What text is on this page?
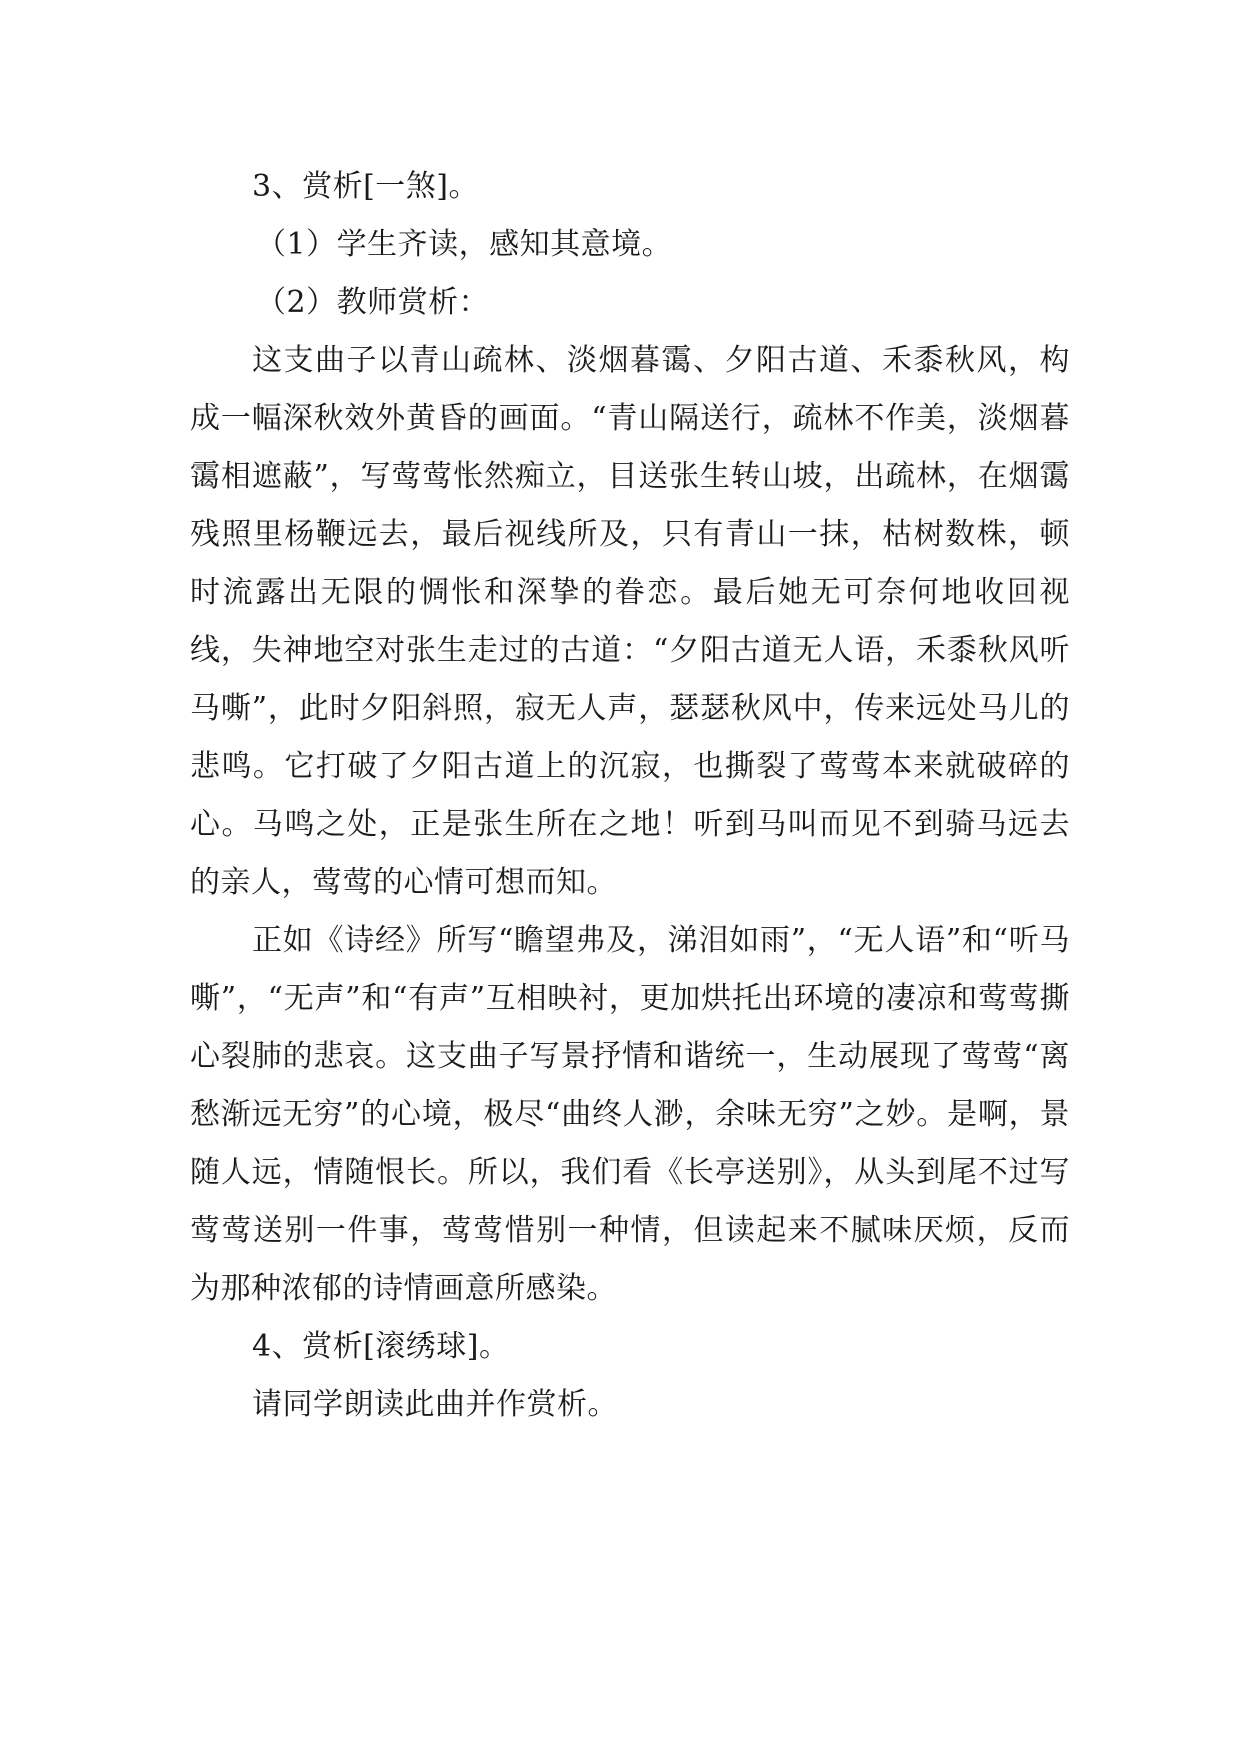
3、赏析[一煞]。

（1）学生齐读，感知其意境。

（2）教师赏析：

这支曲子以青山疏林、淡烟暮霭、夕阳古道、禾黍秋风，构成一幅深秋效外黄昏的画面。“青山隔送行，疏林不作美，淡烟暮霭相遮蔽”，写莺莺怅然痴立，目送张生转山坡，出疏林，在烟霭残照里杨鞭远去，最后视线所及，只有青山一抹，枯树数株，顿时流露出无限的惆怅和深挚的眷恋。最后她无可奈何地收回视线，失神地空对张生走过的古道：“夕阳古道无人语，禾黍秋风听马嘶”，此时夕阳斜照，寂无人声，瑟瑟秋风中，传来远处马儿的悲鸣。它打破了夕阳古道上的沉寂，也撕裂了莺莺本来就破碎的心。马鸣之处，正是张生所在之地！听到马叫而见不到骑马远去的亲人，莺莺的心情可想而知。

正如《诗经》所写“瞻望弗及，涕泪如雨”，“无人语”和“听马嘶”，“无声”和“有声”互相映衬，更加烘托出环境的凄凉和莺莺撕心裂肺的悲哀。这支曲子写景抒情和谐统一，生动展现了莺莺“离愁渐远无穷”的心境，极尽“曲终人渺，余味无穷”之妙。是啊，景随人远，情随恨长。所以，我们看《长亭送别》，从头到尾不过写莺莺送别一件事，莺莺惜别一种情，但读起来不腻味厌烦，反而为那种浓郁的诗情画意所感染。

4、赏析[滚绣球]。

请同学朗读此曲并作赏析。
